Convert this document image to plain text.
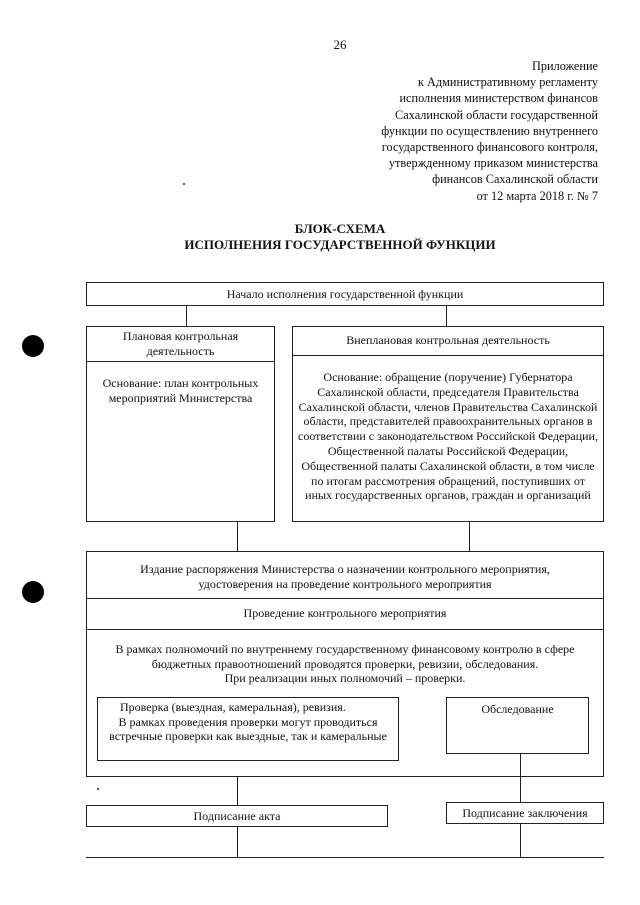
26
Приложение
к Административному регламенту
исполнения министерством финансов
Сахалинской области государственной
функции по осуществлению внутреннего
государственного финансового контроля,
утвержденному приказом министерства
финансов Сахалинской области
от 12 марта 2018 г. № 7
БЛОК-СХЕМА
ИСПОЛНЕНИЯ ГОСУДАРСТВЕННОЙ ФУНКЦИИ
Начало исполнения государственной функции
Плановая контрольная деятельность
Основание: план контрольных мероприятий Министерства
Внеплановая контрольная деятельность
Основание: обращение (поручение) Губернатора Сахалинской области, председателя Правительства Сахалинской области, членов Правительства Сахалинской области, представителей правоохранительных органов в соответствии с законодательством Российской Федерации, Общественной палаты Российской Федерации, Общественной палаты Сахалинской области, в том числе по итогам рассмотрения обращений, поступивших от иных государственных органов, граждан и организаций
Издание распоряжения Министерства о назначении контрольного мероприятия, удостоверения на проведение контрольного мероприятия
Проведение контрольного мероприятия
В рамках полномочий по внутреннему государственному финансовому контролю в сфере бюджетных правоотношений проводятся проверки, ревизии, обследования.
При реализации иных полномочий – проверки.
Проверка (выездная, камеральная), ревизия.
В рамках проведения проверки могут проводиться встречные проверки как выездные, так и камеральные
Обследование
Подписание акта	Подписание заключения
